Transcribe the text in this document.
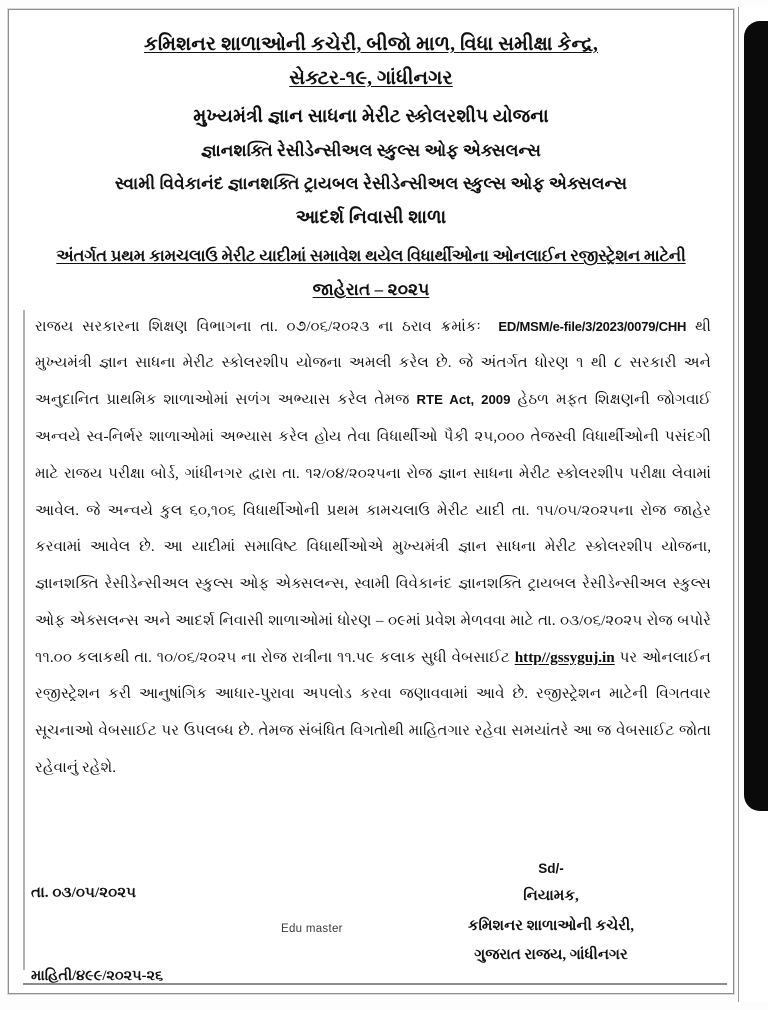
કમિશનર શાળાઓની કચેરી, બીજો માળ, વિધા સમીક્ષા કેન્દ્ર,
સેક્ટર-૧૯, ગાંધીનગર
મુખ્યમંત્રી જ્ઞાન સાધના મેરીટ સ્કોલરશીપ યોજના
જ્ઞાનશક્તિ રેસીડેન્સીઅલ સ્કુલ્સ ઓફ એક્સલન્સ
સ્વામી વિવેકાનંદ જ્ઞાનશક્તિ ટ્રાયબલ રેસીડેન્સીઅલ સ્કુલ્સ ઓફ એક્સલન્સ
આદર્શ નિવાસી શાળા
અંતર્ગત પ્રથમ કામચલાઉ મેરીટ યાદીમાં સમાવેશ થયેલ વિધાર્થીઓના ઓનલાઈન રજીસ્ટ્રેશન માટેની
જાહેરાત – ૨૦૨૫

રાજય સરકારના શિક્ષણ વિભાગના તા. ૦૭/૦૬/૨૦૨૩ ના ઠરાવ ક્રમાંકઃ ED/MSM/e-file/3/2023/0079/CHH થી મુખ્યમંત્રી જ્ઞાન સાધના મેરીટ સ્કોલરશીપ યોજના અમલી કરેલ છે. જે અંતર્ગત ધોરણ ૧ થી ૮ સરકારી અને અનુદાનિત પ્રાથમિક શાળાઓમાં સળંગ અભ્યાસ કરેલ તેમજ RTE Act, 2009 હેઠળ મફત શિક્ષણની જોગવાઈ અન્વયે સ્વ-નિર્ભર શાળાઓમાં અભ્યાસ કરેલ હોય તેવા વિધાર્થીઓ પૈકી ૨૫,૦૦૦ તેજસ્વી વિધાર્થીઓની પસંદગી માટે રાજય પરીક્ષા બોર્ડ, ગાંધીનગર દ્વારા તા. ૧૨/૦૪/૨૦૨૫ના રોજ જ્ઞાન સાધના મેરીટ સ્કોલરશીપ પરીક્ષા લેવામાં આવેલ. જે અન્વયે કુલ ૬૦,૧૦૬ વિધાર્થીઓની પ્રથમ કામચલાઉ મેરીટ યાદી તા. ૧૫/૦૫/૨૦૨૫ના રોજ જાહેર કરવામાં આવેલ છે. આ યાદીમાં સમાવિષ્ટ વિધાર્થીઓએ મુખ્યમંત્રી જ્ઞાન સાધના મેરીટ સ્કોલરશીપ યોજના, જ્ઞાનશક્તિ રેસીડેન્સીઅલ સ્કુલ્સ ઓફ એક્સલન્સ, સ્વામી વિવેકાનંદ જ્ઞાનશક્તિ ટ્રાયબલ રેસીડેન્સીઅલ સ્કુલ્સ ઓફ એક્સલન્સ અને આદર્શ નિવાસી શાળાઓમાં ધોરણ – ૦૯માં પ્રવેશ મેળવવા માટે તા. ૦૩/૦૬/૨૦૨૫ રોજ બપોરે ૧૧.૦૦ કલાકથી તા. ૧૦/૦૬/૨૦૨૫ ના રોજ રાત્રીના ૧૧.૫૯ કલાક સુધી વેબસાઈટ http//gssyguj.in પર ઓનલાઈન રજીસ્ટ્રેશન કરી આનુષાંગિક આધાર-પુરાવા અપલોડ કરવા જણાવવામાં આવે છે. રજીસ્ટ્રેશન માટેની વિગતવાર સૂચનાઓ વેબસાઈટ પર ઉપલબ્ધ છે. તેમજ સંબંધિત વિગતોથી માહિતગાર રહેવા સમયાંતરે આ જ વેબસાઈટ જોતા રહેવાનું રહેશે.

Sd/-
નિયામક,
કમિશનર શાળાઓની કચેરી,
ગુજરાત રાજય, ગાંધીનગર
તા. ૦૩/૦૫/૨૦૨૫
Edu master
માહિતી/૪૯૯/૨૦૨૫-૨૬
